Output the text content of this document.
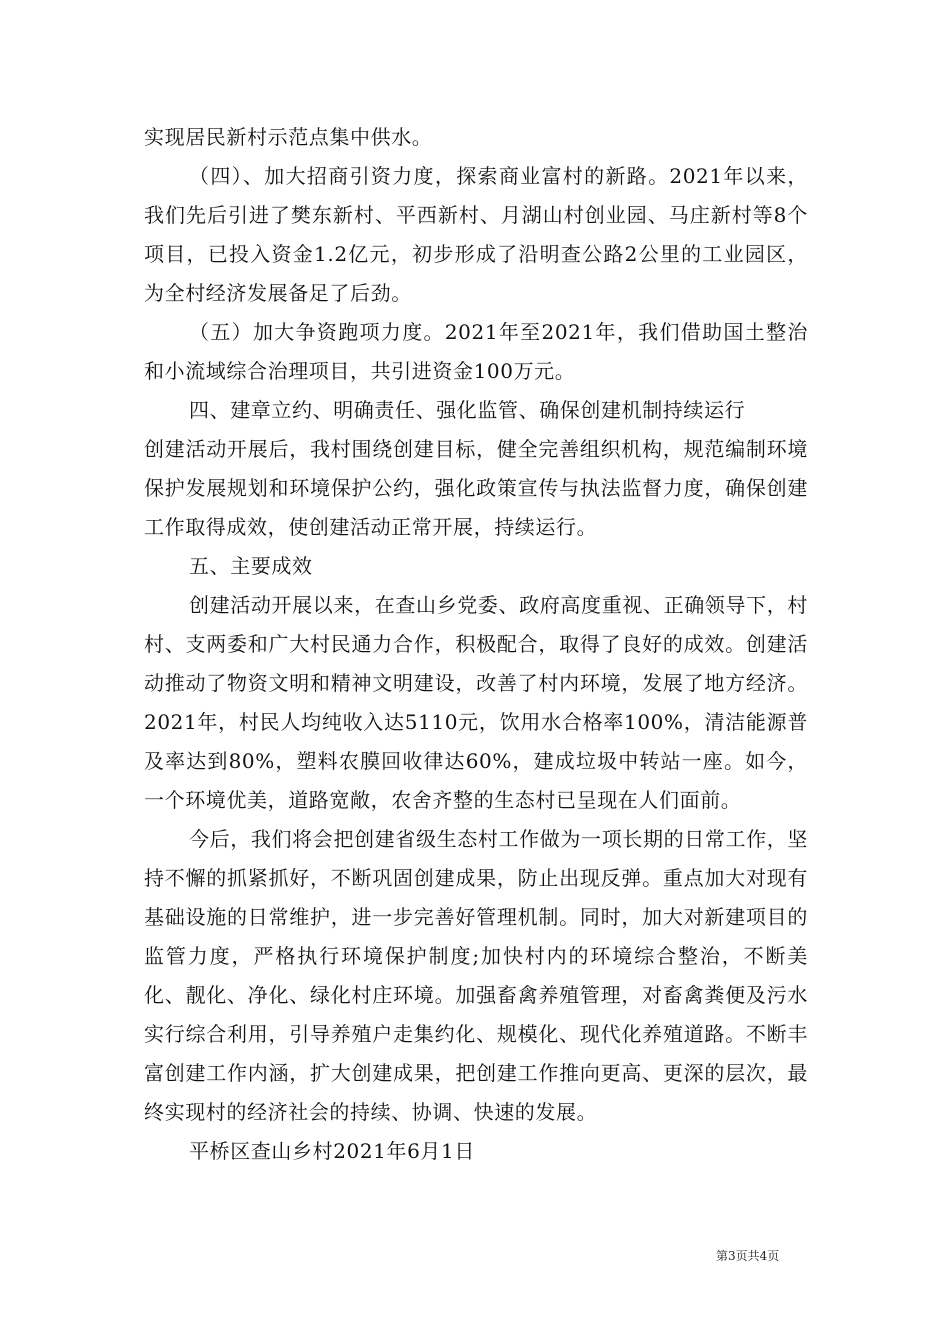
实现居民新村示范点集中供水。

（四）、加大招商引资力度，探索商业富村的新路。2021年以来，我们先后引进了樊东新村、平西新村、月湖山村创业园、马庄新村等8个项目，已投入资金1.2亿元，初步形成了沿明查公路2公里的工业园区，为全村经济发展备足了后劲。

（五）加大争资跑项力度。2021年至2021年，我们借助国土整治和小流域综合治理项目，共引进资金100万元。

四、建章立约、明确责任、强化监管、确保创建机制持续运行

创建活动开展后，我村围绕创建目标，健全完善组织机构，规范编制环境保护发展规划和环境保护公约，强化政策宣传与执法监督力度，确保创建工作取得成效，使创建活动正常开展，持续运行。

五、主要成效

创建活动开展以来，在查山乡党委、政府高度重视、正确领导下，村村、支两委和广大村民通力合作，积极配合，取得了良好的成效。创建活动推动了物资文明和精神文明建设，改善了村内环境，发展了地方经济。2021年，村民人均纯收入达5110元，饮用水合格率100%，清洁能源普及率达到80%，塑料农膜回收律达60%，建成垃圾中转站一座。如今，一个环境优美，道路宽敞，农舍齐整的生态村已呈现在人们面前。

今后，我们将会把创建省级生态村工作做为一项长期的日常工作，坚持不懈的抓紧抓好，不断巩固创建成果，防止出现反弹。重点加大对现有基础设施的日常维护，进一步完善好管理机制。同时，加大对新建项目的监管力度，严格执行环境保护制度;加快村内的环境综合整治，不断美化、靓化、净化、绿化村庄环境。加强畜禽养殖管理，对畜禽粪便及污水实行综合利用，引导养殖户走集约化、规模化、现代化养殖道路。不断丰富创建工作内涵，扩大创建成果，把创建工作推向更高、更深的层次，最终实现村的经济社会的持续、协调、快速的发展。

平桥区查山乡村2021年6月1日

第3页共4页
